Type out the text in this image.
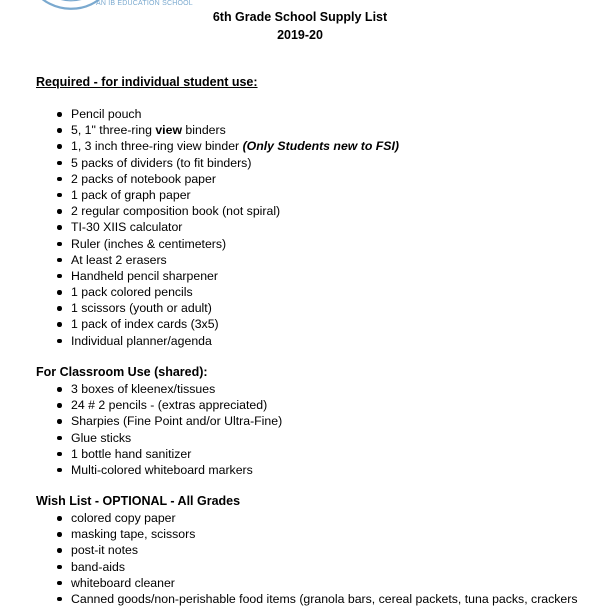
AN IB EDUCATION SCHOOL
6th Grade School Supply List
2019-20
Required - for individual student use:
Pencil pouch
5, 1" three-ring view binders
1, 3 inch three-ring view binder (Only Students new to FSI)
5 packs of dividers (to fit binders)
2 packs of notebook paper
1 pack of graph paper
2 regular composition book (not spiral)
TI-30 XIIS calculator
Ruler (inches & centimeters)
At least 2 erasers
Handheld pencil sharpener
1 pack colored pencils
1 scissors (youth or adult)
1 pack of index cards (3x5)
Individual planner/agenda
For Classroom Use (shared):
3 boxes of kleenex/tissues
24 # 2 pencils - (extras appreciated)
Sharpies (Fine Point and/or Ultra-Fine)
Glue sticks
1 bottle hand sanitizer
Multi-colored whiteboard markers
Wish List - OPTIONAL - All Grades
colored copy paper
masking tape, scissors
post-it notes
band-aids
whiteboard cleaner
Canned goods/non-perishable food items (granola bars, cereal packets, tuna packs, crackers
